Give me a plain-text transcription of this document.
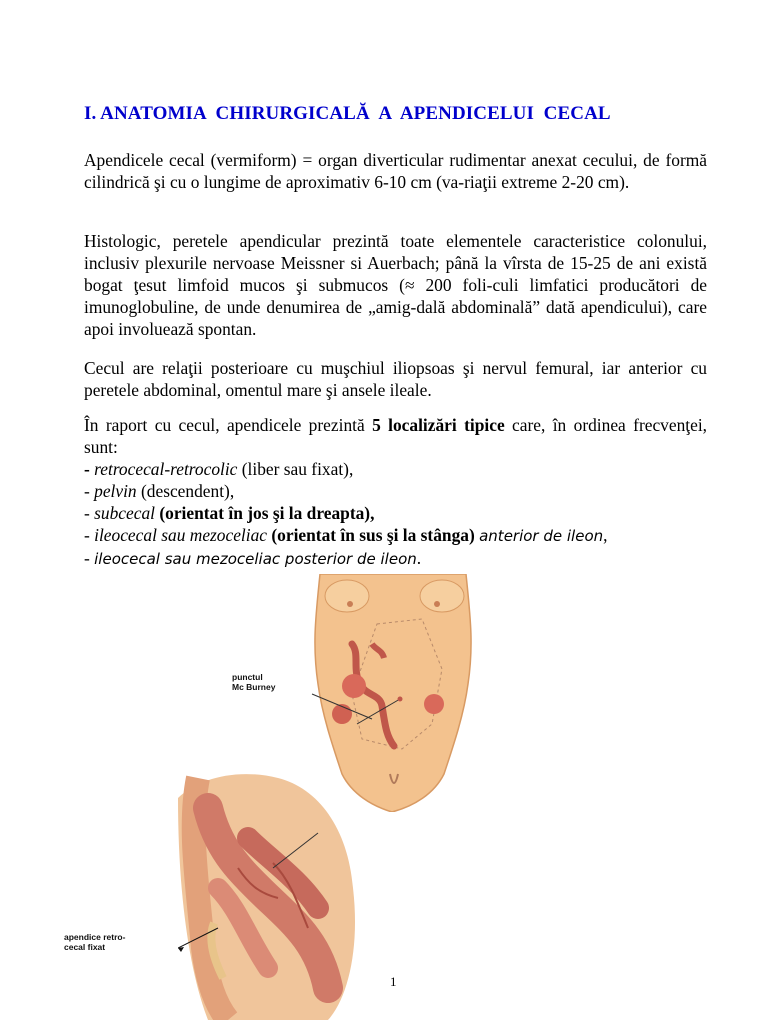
I. ANATOMIA  CHIRURGICALĂ  A  APENDICELUI  CECAL

Apendicele cecal (vermiform) = organ diverticular rudimentar anexat cecului, de formă cilindrică şi cu o lungime de aproximativ 6-10 cm (va-riaţii extreme 2-20 cm).

Histologic, peretele apendicular prezintă toate elementele caracteristice colonului, inclusiv plexurile nervoase Meissner si Auerbach; până la vîrsta de 15-25 de ani există bogat ţesut limfoid mucos şi submucos (≈ 200 foli-culi limfatici producători de imunoglobuline, de unde denumirea de „amig-dală abdominală” dată apendicului), care apoi involuează spontan.

Cecul are relaţii posterioare cu muşchiul iliopsoas şi nervul femural, iar anterior cu peretele abdominal, omentul mare şi ansele ileale.

În raport cu cecul, apendicele prezintă 5 localizări tipice care, în ordinea frecvenţei, sunt:

- retrocecal-retrocolic (liber sau fixat),
- pelvin (descendent),
- subcecal (orientat în jos şi la dreapta),
- ileocecal sau mezoceliac (orientat în sus şi la stânga) anterior de ileon,
- ileocecal sau mezoceliac posterior de ileon.
punctul
Mc Burney
apendice retro-
cecal fixat
1
